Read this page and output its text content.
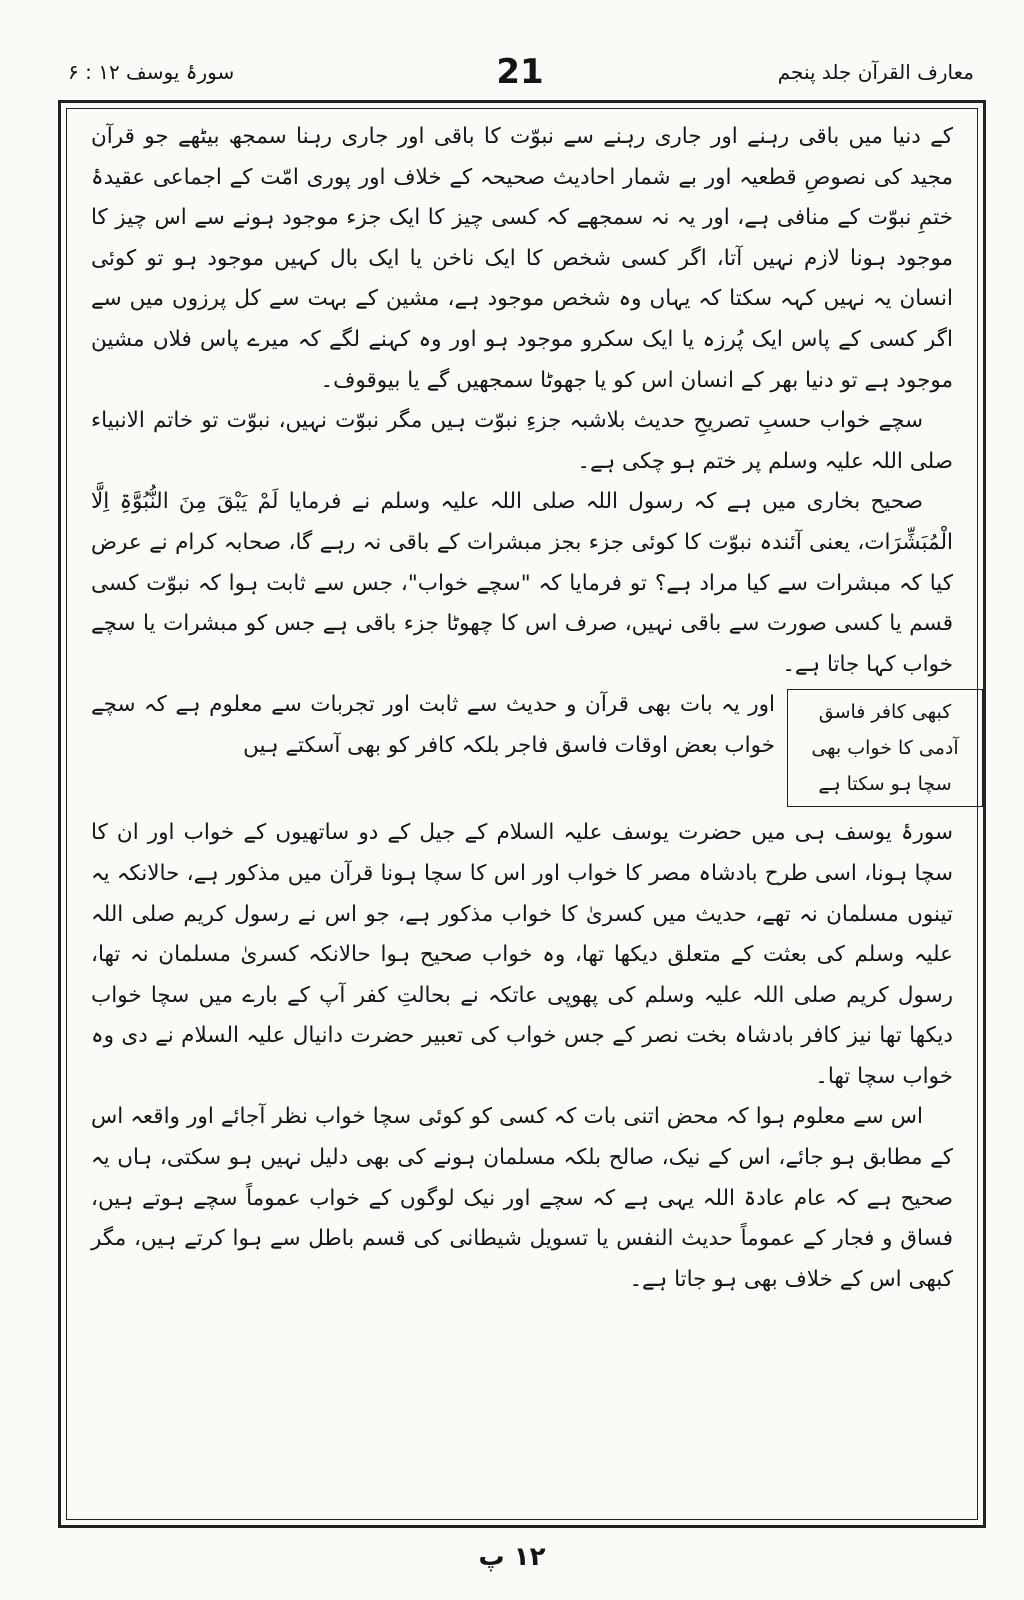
سورۂ یوسف ۱۲ : ۶	21	معارف القرآن جلد پنجم

کے دنیا میں باقی رہنے اور جاری رہنے سے نبوّت کا باقی اور جاری رہنا سمجھ بیٹھے جو قرآن مجید کی نصوصِ قطعیہ اور بے شمار احادیث صحیحہ کے خلاف اور پوری امّت کے اجماعی عقیدۂ ختمِ نبوّت کے منافی ہے، اور یہ نہ سمجھے کہ کسی چیز کا ایک جزء موجود ہونے سے اس چیز کا موجود ہونا لازم نہیں آتا، اگر کسی شخص کا ایک ناخن یا ایک بال کہیں موجود ہو تو کوئی انسان یہ نہیں کہہ سکتا کہ یہاں وہ شخص موجود ہے، مشین کے بہت سے کل پرزوں میں سے اگر کسی کے پاس ایک پُرزہ یا ایک سکرو موجود ہو اور وہ کہنے لگے کہ میرے پاس فلاں مشین موجود ہے تو دنیا بھر کے انسان اس کو یا جھوٹا سمجھیں گے یا بیوقوف۔

سچے خواب حسبِ تصریحِ حدیث بلاشبہ جزءِ نبوّت ہیں مگر نبوّت نہیں، نبوّت تو خاتم الانبیاء صلی اللہ علیہ وسلم پر ختم ہو چکی ہے۔

صحیح بخاری میں ہے کہ رسول اللہ صلی اللہ علیہ وسلم نے فرمایا لَمْ یَبْقَ مِنَ النُّبُوَّۃِ اِلَّا الْمُبَشِّرَات، یعنی آئندہ نبوّت کا کوئی جزء بجز مبشرات کے باقی نہ رہے گا، صحابہ کرام نے عرض کیا کہ مبشرات سے کیا مراد ہے؟ تو فرمایا کہ "سچے خواب"، جس سے ثابت ہوا کہ نبوّت کسی قسم یا کسی صورت سے باقی نہیں، صرف اس کا چھوٹا جزء باقی ہے جس کو مبشرات یا سچے خواب کہا جاتا ہے۔

کبھی کافر فاسق آدمی کا خواب بھی سچا ہو سکتا ہے

اور یہ بات بھی قرآن و حدیث سے ثابت اور تجربات سے معلوم ہے کہ سچے خواب بعض اوقات فاسق فاجر بلکہ کافر کو بھی آسکتے ہیں

سورۂ یوسف ہی میں حضرت یوسف علیہ السلام کے جیل کے دو ساتھیوں کے خواب اور ان کا سچا ہونا، اسی طرح بادشاہ مصر کا خواب اور اس کا سچا ہونا قرآن میں مذکور ہے، حالانکہ یہ تینوں مسلمان نہ تھے، حدیث میں کسریٰ کا خواب مذکور ہے، جو اس نے رسول کریم صلی اللہ علیہ وسلم کی بعثت کے متعلق دیکھا تھا، وہ خواب صحیح ہوا حالانکہ کسریٰ مسلمان نہ تھا، رسول کریم صلی اللہ علیہ وسلم کی پھوپی عاتکہ نے بحالتِ کفر آپ کے بارے میں سچا خواب دیکھا تھا نیز کافر بادشاہ بخت نصر کے جس خواب کی تعبیر حضرت دانیال علیہ السلام نے دی وہ خواب سچا تھا۔

اس سے معلوم ہوا کہ محض اتنی بات کہ کسی کو کوئی سچا خواب نظر آجائے اور واقعہ اس کے مطابق ہو جائے، اس کے نیک، صالح بلکہ مسلمان ہونے کی بھی دلیل نہیں ہو سکتی، ہاں یہ صحیح ہے کہ عام عادۃ اللہ یہی ہے کہ سچے اور نیک لوگوں کے خواب عموماً سچے ہوتے ہیں، فساق و فجار کے عموماً حدیث النفس یا تسویل شیطانی کی قسم باطل سے ہوا کرتے ہیں، مگر کبھی اس کے خلاف بھی ہو جاتا ہے۔

۱۲ پ
